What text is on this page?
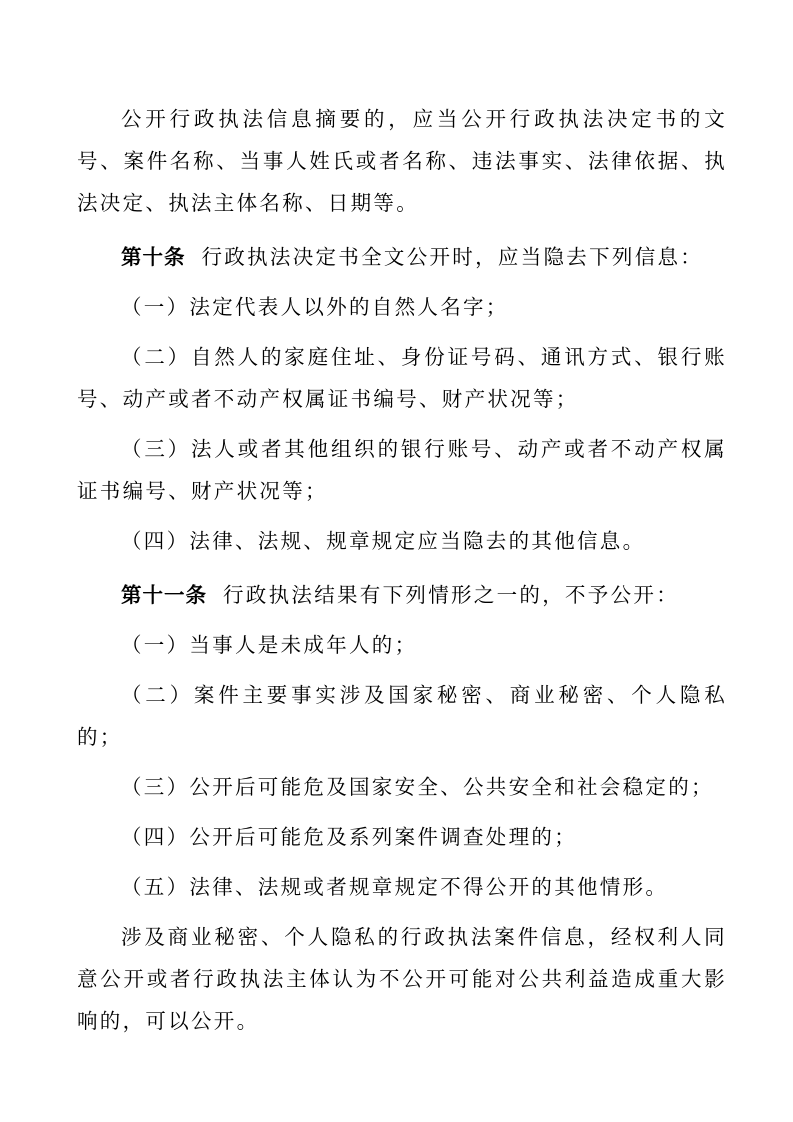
公开行政执法信息摘要的，应当公开行政执法决定书的文号、案件名称、当事人姓氏或者名称、违法事实、法律依据、执法决定、执法主体名称、日期等。

第十条 行政执法决定书全文公开时，应当隐去下列信息：

（一）法定代表人以外的自然人名字；

（二）自然人的家庭住址、身份证号码、通讯方式、银行账号、动产或者不动产权属证书编号、财产状况等；

（三）法人或者其他组织的银行账号、动产或者不动产权属证书编号、财产状况等；

（四）法律、法规、规章规定应当隐去的其他信息。

第十一条 行政执法结果有下列情形之一的，不予公开：

（一）当事人是未成年人的；

（二）案件主要事实涉及国家秘密、商业秘密、个人隐私的；

（三）公开后可能危及国家安全、公共安全和社会稳定的；

（四）公开后可能危及系列案件调查处理的；

（五）法律、法规或者规章规定不得公开的其他情形。

涉及商业秘密、个人隐私的行政执法案件信息，经权利人同意公开或者行政执法主体认为不公开可能对公共利益造成重大影响的，可以公开。
